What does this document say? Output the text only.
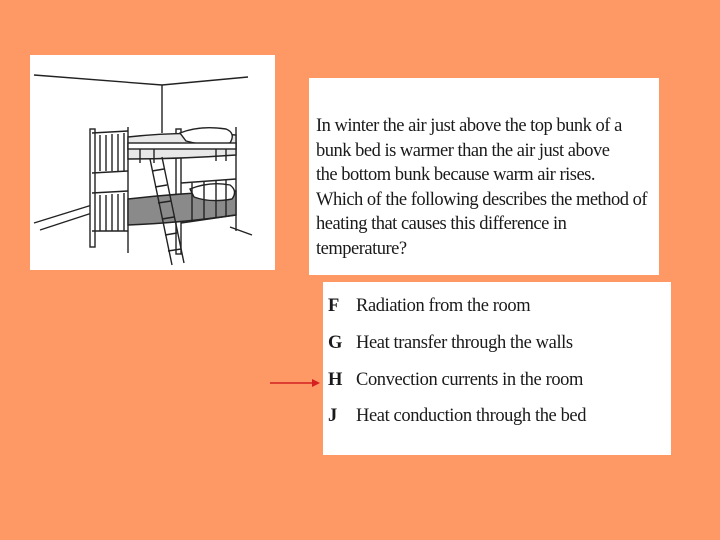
In winter the air just above the top bunk of a
bunk bed is warmer than the air just above
the bottom bunk because warm air rises.
Which of the following describes the method of
heating that causes this difference in
temperature?
F Radiation from the room
G Heat transfer through the walls
H Convection currents in the room
J Heat conduction through the bed
